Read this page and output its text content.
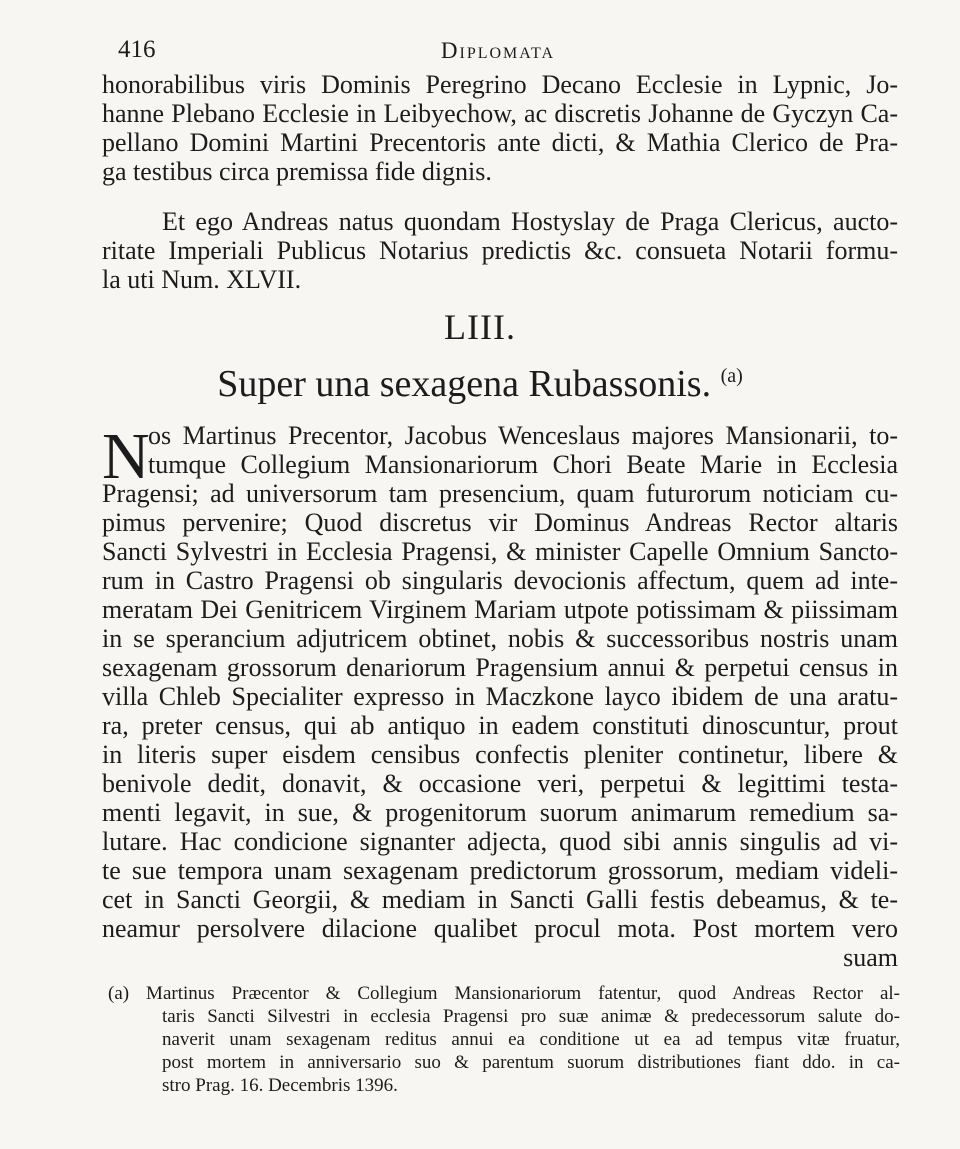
416	Diplomata
honorabilibus viris Dominis Peregrino Decano Ecclesie in Lypnic, Jo-
hanne Plebano Ecclesie in Leibyechow, ac discretis Johanne de Gyczyn Ca-
pellano Domini Martini Precentoris ante dicti, & Mathia Clerico de Pra-
ga testibus circa premissa fide dignis.
Et ego Andreas natus quondam Hostyslay de Praga Clericus, aucto-
ritate Imperiali Publicus Notarius predictis &c. consueta Notarii formu-
la uti Num. XLVII.
LIII.
Super una sexagena Rubassonis. $^{(a)}$
N
os Martinus Precentor, Jacobus Wenceslaus majores Mansionarii, to-
tumque Collegium Mansionariorum Chori Beate Marie in Ecclesia
Pragensi; ad universorum tam presencium, quam futurorum noticiam cu-
pimus pervenire; Quod discretus vir Dominus Andreas Rector altaris
Sancti Sylvestri in Ecclesia Pragensi, & minister Capelle Omnium Sancto-
rum in Castro Pragensi ob singularis devocionis affectum, quem ad inte-
meratam Dei Genitricem Virginem Mariam utpote potissimam & piissimam
in se sperancium adjutricem obtinet, nobis & successoribus nostris unam
sexagenam grossorum denariorum Pragensium annui & perpetui census in
villa Chleb Specialiter expresso in Maczkone layco ibidem de una aratu-
ra, preter census, qui ab antiquo in eadem constituti dinoscuntur, prout
in literis super eisdem censibus confectis pleniter continetur, libere &
benivole dedit, donavit, & occasione veri, perpetui & legittimi testa-
menti legavit, in sue, & progenitorum suorum animarum remedium sa-
lutare. Hac condicione signanter adjecta, quod sibi annis singulis ad vi-
te sue tempora unam sexagenam predictorum grossorum, mediam videli-
cet in Sancti Georgii, & mediam in Sancti Galli festis debeamus, & te-
neamur persolvere dilacione qualibet procul mota. Post mortem vero
suam
(a) Martinus Præcentor & Collegium Mansionariorum fatentur, quod Andreas Rector al-
taris Sancti Silvestri in ecclesia Pragensi pro suæ animæ & predecessorum salute do-
naverit unam sexagenam reditus annui ea conditione ut ea ad tempus vitæ fruatur,
post mortem in anniversario suo & parentum suorum distributiones fiant ddo. in ca-
stro Prag. 16. Decembris 1396.
